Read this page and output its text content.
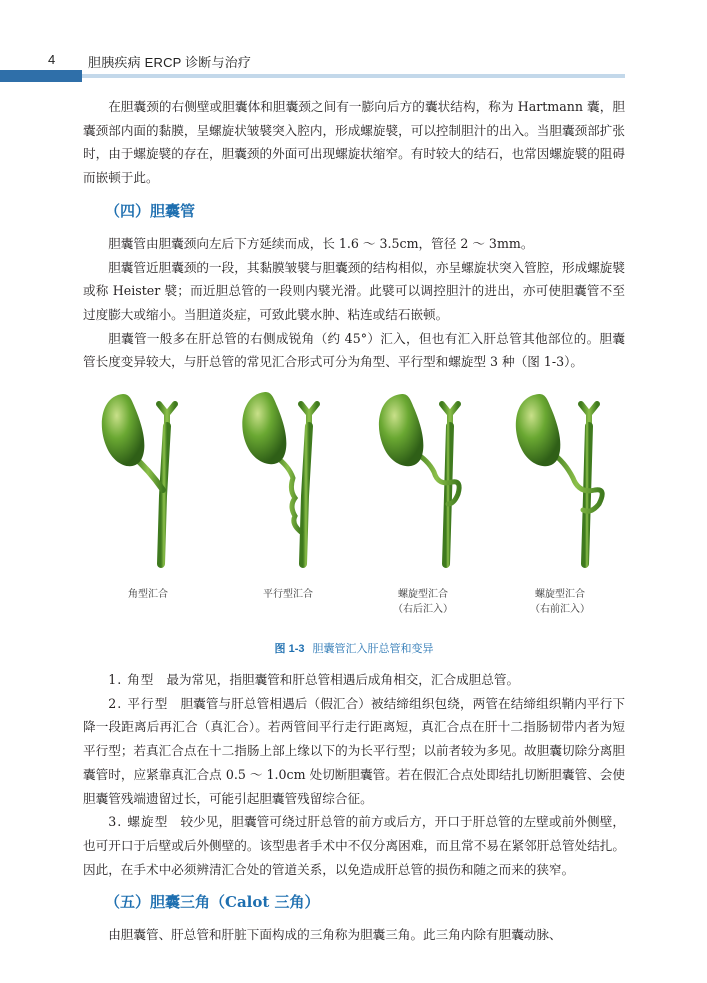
4	胆胰疾病 ERCP 诊断与治疗

在胆囊颈的右侧壁或胆囊体和胆囊颈之间有一膨向后方的囊状结构，称为 Hartmann 囊，胆囊颈部内面的黏膜，呈螺旋状皱襞突入腔内，形成螺旋襞，可以控制胆汁的出入。当胆囊颈部扩张时，由于螺旋襞的存在，胆囊颈的外面可出现螺旋状缩窄。有时较大的结石，也常因螺旋襞的阻碍而嵌顿于此。

（四）胆囊管

胆囊管由胆囊颈向左后下方延续而成，长 1.6 ～ 3.5cm，管径 2 ～ 3mm。

胆囊管近胆囊颈的一段，其黏膜皱襞与胆囊颈的结构相似，亦呈螺旋状突入管腔，形成螺旋襞或称 Heister 襞；而近胆总管的一段则内襞光滑。此襞可以调控胆汁的进出，亦可使胆囊管不至过度膨大或缩小。当胆道炎症，可致此襞水肿、粘连或结石嵌顿。

胆囊管一般多在肝总管的右侧成锐角（约 45°）汇入，但也有汇入肝总管其他部位的。胆囊管长度变异较大，与肝总管的常见汇合形式可分为角型、平行型和螺旋型 3 种（图 1-3）。

角型汇合	平行型汇合	螺旋型汇合
（右后汇入）
螺旋型汇合
（右前汇入）
图 1-3 胆囊管汇入肝总管和变异

1. 角型 最为常见，指胆囊管和肝总管相遇后成角相交，汇合成胆总管。

2. 平行型 胆囊管与肝总管相遇后（假汇合）被结缔组织包绕，两管在结缔组织鞘内平行下降一段距离后再汇合（真汇合）。若两管间平行走行距离短，真汇合点在肝十二指肠韧带内者为短平行型；若真汇合点在十二指肠上部上缘以下的为长平行型；以前者较为多见。故胆囊切除分离胆囊管时，应紧靠真汇合点 0.5 ～ 1.0cm 处切断胆囊管。若在假汇合点处即结扎切断胆囊管、会使胆囊管残端遗留过长，可能引起胆囊管残留综合征。

3. 螺旋型 较少见，胆囊管可绕过肝总管的前方或后方，开口于肝总管的左壁或前外侧壁，也可开口于后壁或后外侧壁的。该型患者手术中不仅分离困难，而且常不易在紧邻肝总管处结扎。因此，在手术中必须辨清汇合处的管道关系，以免造成肝总管的损伤和随之而来的狭窄。

（五）胆囊三角（Calot 三角）

由胆囊管、肝总管和肝脏下面构成的三角称为胆囊三角。此三角内除有胆囊动脉、
